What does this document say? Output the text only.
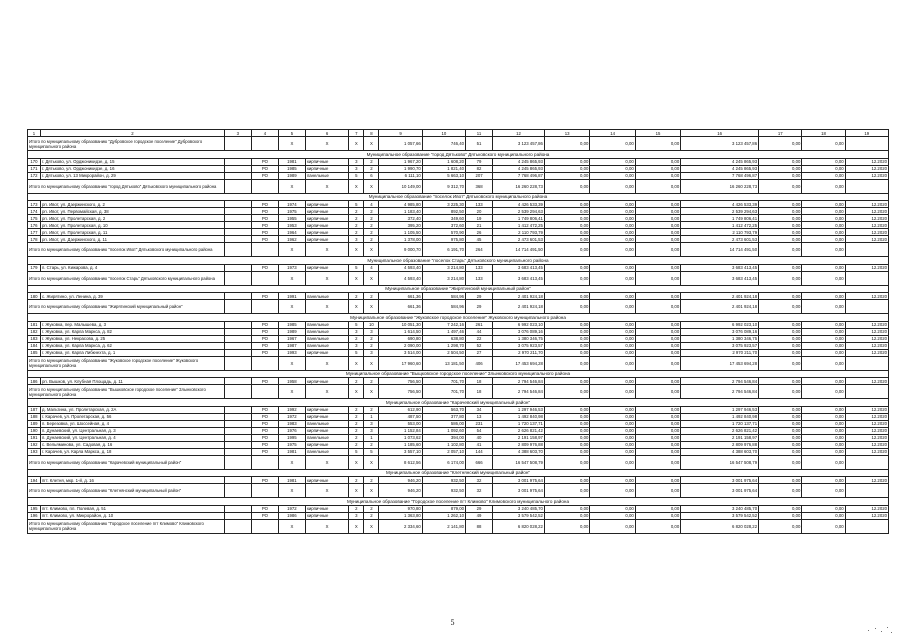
1	2	3	4	5	6	7	8	9	10	11	12	13	14	15	16	17	18	19
Итого по муниципальному образованию "Дубровское городское поселение" Дубровского муниципального района				X	X	X	X	1 057,66	746,40	51	3 123 457,86	0,00	0,00	0,00	3 123 457,86	0,00	0,00	
Муниципальное образование "город Дятьково" Дятьковского муниципального района																		
170	г. Дятьково, ул. Орджоникидзе, д. 15		РО	1981	кирпичные	3	2	1 967,20	1 608,20	79	4 245 865,93	0,00	0,00	0,00	4 245 865,93	0,00	0,00	12.2020
171	г. Дятьково, ул. Орджоникидзе, д. 16		РО	1985	кирпичные	3	2	1 990,70	1 821,40	82	4 245 865,93	0,00	0,00	0,00	4 245 865,93	0,00	0,00	12.2020
172	г. Дятьково, ул. 13 Микрорайон, д. 29		РО	1989	панельные	5	6	6 111,10	5 663,10	207	7 768 496,87	0,00	0,00	0,00	7 768 496,87	0,00	0,00	12.2020
Итого по муниципальному образованию "город Дятьково" Дятьковского муниципального района				X	X	X	X	10 149,00	9 312,70	368	16 260 228,73	0,00	0,00	0,00	16 260 228,73	0,00	0,00	
Муниципальное образование "поселок Ивот" Дятьковского муниципального района																		
173	рп. Ивот, ул. Дзержинского, д. 2		РО	1974	кирпичные	5	4	4 985,80	3 225,30	133	4 426 533,39	0,00	0,00	0,00	4 426 533,39	0,00	0,00	12.2020
174	рп. Ивот, ул. Первомайская, д. 38		РО	1975	кирпичные	2	2	1 183,40	892,50	20	2 539 294,63	0,00	0,00	0,00	2 539 294,63	0,00	0,00	12.2020
175	рп. Ивот, ул. Пролетарская, д. 2		РО	1955	кирпичные	2	2	372,40	349,60	19	1 749 806,41	0,00	0,00	0,00	1 749 806,41	0,00	0,00	12.2020
176	рп. Ивот, ул. Пролетарская, д. 10		РО	1953	кирпичные	2	2	395,20	372,60	21	1 412 472,25	0,00	0,00	0,00	1 412 472,25	0,00	0,00	12.2020
177	рп. Ивот, ул. Пролетарская, д. 11		РО	1964	кирпичные	2	2	1 105,50	570,90	26	2 110 793,79	0,00	0,00	0,00	2 110 793,79	0,00	0,00	12.2020
178	рп. Ивот, ул. Дзержинского, д. 11		РО	1962	кирпичные	3	2	1 378,00	975,80	45	2 473 601,53	0,00	0,00	0,00	2 473 601,53	0,00	0,00	12.2020
Итого по муниципальному образованию "поселок Ивот" Дятьковского муниципального района				X	X	X	X	9 000,70	6 191,70	264	14 714 491,50	0,00	0,00	0,00	14 714 491,50	0,00	0,00	
Муниципальное образование "поселок Старь" Дятьковского муниципального района																		
179	п. Старь, ул. Кижарова, д. 4		РО	1973	кирпичные	5	4	4 593,40	3 214,80	133	3 683 413,45	0,00	0,00	0,00	3 683 413,45	0,00	0,00	12.2020
Итого по муниципальному образованию "поселок Старь" Дятьковского муниципального района				X	X	X	X	4 593,40	3 214,80	133	3 683 413,45	0,00	0,00	0,00	3 683 413,45	0,00	0,00	
Муниципальное образование "Жирятинский муниципальный район"																		
180	с. Жирятино, ул. Ленина, д. 39		РО	1991	панельные	2	2	661,36	584,96	29	2 401 924,18	0,00	0,00	0,00	2 401 924,18	0,00	0,00	12.2020
Итого по муниципальному образованию "Жирятинский муниципальный район"				X	X	X	X	661,36	584,96	29	2 401 924,18	0,00	0,00	0,00	2 401 924,18	0,00	0,00	
Муниципальное образование "Жуковское городское поселение" Жуковского муниципального района																		
181	г. Жуковка, пер. Малышева, д. 3		РО	1985	панельные	5	10	10 051,30	7 242,16	261	6 992 023,10	0,00	0,00	0,00	6 992 023,10	0,00	0,00	12.2020
182	г. Жуковка, ул. Карла Маркса, д. 82		РО	1989	панельные	3	3	1 614,50	1 497,46	44	3 076 089,16	0,00	0,00	0,00	3 076 089,16	0,00	0,00	12.2020
183	г. Жуковка, ул. Некрасова, д. 25		РО	1967	панельные	2	2	690,80	638,80	22	1 380 346,75	0,00	0,00	0,00	1 380 346,75	0,00	0,00	12.2020
184	г. Жуковка, ул. Карла Маркса, д. 62		РО	1987	панельные	3	2	2 090,00	1 298,70	52	3 075 923,57	0,00	0,00	0,00	3 075 923,57	0,00	0,00	12.2020
185	г. Жуковка, ул. Карла Либкнехта, д. 1		РО	1993	кирпичные	5	3	3 514,00	2 504,50	27	2 970 211,70	0,00	0,00	0,00	2 970 211,70	0,00	0,00	12.2020
Итого по муниципальному образованию "Жуковское городское поселение" Жуковского муниципального района				X	X	X	X	17 960,60	13 181,50	406	17 453 694,28	0,00	0,00	0,00	17 453 694,28	0,00	0,00	
Муниципальное образование "Выщковское городское поселение" Злынковского муниципального района																		
186	рп. Вышков, ул. Клубная Площадь, д. 11		РО	1958	кирпичные	2	2	756,50	701,70	18	2 794 546,84	0,00	0,00	0,00	2 794 546,84	0,00	0,00	12.2020
Итого по муниципальному образованию "Вышковское городское поселение" Злынковского муниципального района				X	X	X	X	756,50	701,70	18	2 794 546,84	0,00	0,00	0,00	2 794 546,84	0,00	0,00	
Муниципальное образование "Карачевский муниципальный район"																		
187	д. Мальтина, ул. Пролетарская, д. 2А		РО	1992	кирпичные	2	2	612,90	563,70	34	1 297 946,53	0,00	0,00	0,00	1 297 946,53	0,00	0,00	12.2020
188	г. Карачев, ул. Пролетарская, д. 56		РО	1972	кирпичные	2	1	487,50	377,80	13	1 492 840,98	0,00	0,00	0,00	1 492 840,98	0,00	0,00	12.2020
189	п. Березовка, ул. Шоссейная, д. 4		РО	1983	панельные	2	3	553,00	586,00	231	1 720 137,71	0,00	0,00	0,00	1 720 137,71	0,00	0,00	12.2020
190	п. Дунаевский, ул. Центральная, д. 3		РО	1976	кирпичные	2	3	1 152,84	1 092,60	54	2 626 821,42	0,00	0,00	0,00	2 626 821,42	0,00	0,00	12.2020
191	п. Дунаевский, ул. Центральная, д. 4		РО	1995	панельные	2	1	1 073,62	394,00	40	2 191 158,97	0,00	0,00	0,00	2 191 158,97	0,00	0,00	12.2020
192	с. Вельяминова, ул. Садовая, д. 16		РО	1975	кирпичные	2	2	1 185,60	1 102,80	41	2 809 976,88	0,00	0,00	0,00	2 809 976,88	0,00	0,00	12.2020
193	г. Карачев, ул. Карла Маркса, д. 18		РО	1981	панельные	5	5	3 557,10	2 057,10	144	4 388 603,70	0,00	0,00	0,00	4 388 603,70	0,00	0,00	12.2020
Итого по муниципальному образованию "Карачевский муниципальный район"				X	X	X	X	8 612,56	6 174,00	666	16 547 508,79	0,00	0,00	0,00	16 547 508,79	0,00	0,00	
Муниципальное образование "Клетнянский муниципальный район"																		
194	пгт. Клетня, мкр. 1-й, д. 16		РО	1981	кирпичные	2	2	946,20	932,50	32	3 001 975,64	0,00	0,00	0,00	3 001 975,64	0,00	0,00	12.2020
Итого по муниципальному образованию "Клетнянский муниципальный район"				X	X	X	X	946,20	932,50	32	3 001 975,64	0,00	0,00	0,00	3 001 975,64	0,00	0,00	
Муниципальное образование "Городское поселение пгт Климово" Климовского муниципального района																		
195	пгт. Климово, пл. Полевая, д. 51		РО	1972	кирпичные	2	2	970,80	879,00	29	3 240 485,70	0,00	0,00	0,00	3 240 485,70	0,00	0,00	12.2020
196	пгт. Климово, ул. Микрорайон, д. 10		РО	1986	кирпичные	3	2	1 363,80	1 262,10	49	3 579 542,52	0,00	0,00	0,00	3 579 542,52	0,00	0,00	12.2020
Итого по муниципальному образованию "Городское поселение пгт Климово" Климовского муниципального района				X	X	X	X	2 334,60	2 141,80	88	6 820 028,22	0,00	0,00	0,00	6 820 028,22	0,00	0,00	
5
